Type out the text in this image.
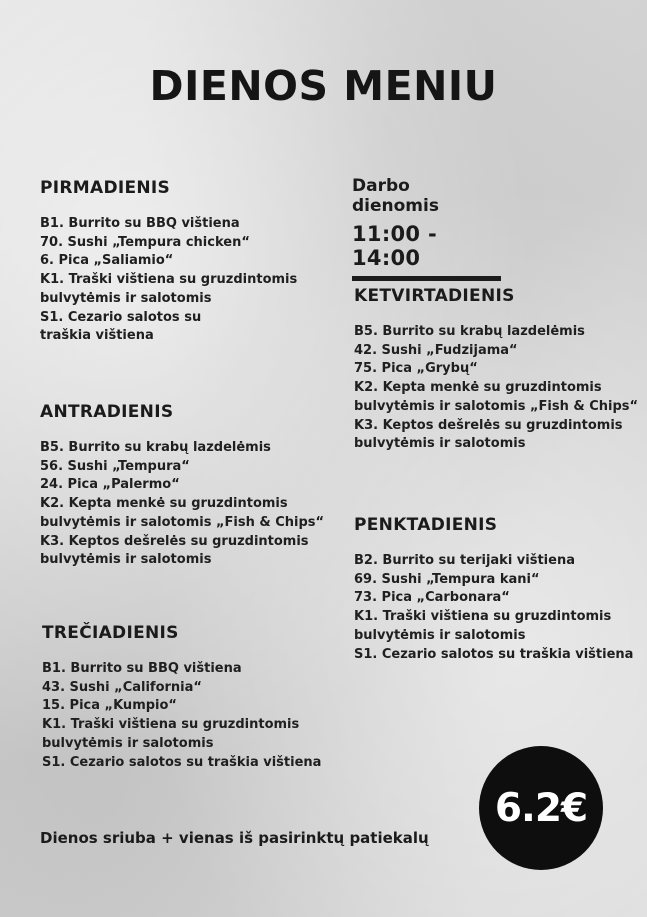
DIENOS MENIU
PIRMADIENIS
B1. Burrito su BBQ vištiena
70. Sushi „Tempura chicken“
6. Pica „Saliamio“
K1. Traški vištiena su gruzdintomis
bulvytėmis ir salotomis
S1. Cezario salotos su
traškia vištiena
ANTRADIENIS
B5. Burrito su krabų lazdelėmis
56. Sushi „Tempura“
24. Pica „Palermo“
K2. Kepta menkė su gruzdintomis
bulvytėmis ir salotomis „Fish & Chips“
K3. Keptos dešrelės su gruzdintomis
bulvytėmis ir salotomis
TREČIADIENIS
B1. Burrito su BBQ vištiena
43. Sushi „California“
15. Pica „Kumpio“
K1. Traški vištiena su gruzdintomis
bulvytėmis ir salotomis
S1. Cezario salotos su traškia vištiena
Darbo dienomis
11:00 - 14:00
KETVIRTADIENIS
B5. Burrito su krabų lazdelėmis
42. Sushi „Fudzijama“
75. Pica „Grybų“
K2. Kepta menkė su gruzdintomis
bulvytėmis ir salotomis „Fish & Chips“
K3. Keptos dešrelės su gruzdintomis
bulvytėmis ir salotomis
PENKTADIENIS
B2. Burrito su terijaki vištiena
69. Sushi „Tempura kani“
73. Pica „Carbonara“
K1. Traški vištiena su gruzdintomis
bulvytėmis ir salotomis
S1. Cezario salotos su traškia vištiena
Dienos sriuba + vienas iš pasirinktų patiekalų
6.2€
